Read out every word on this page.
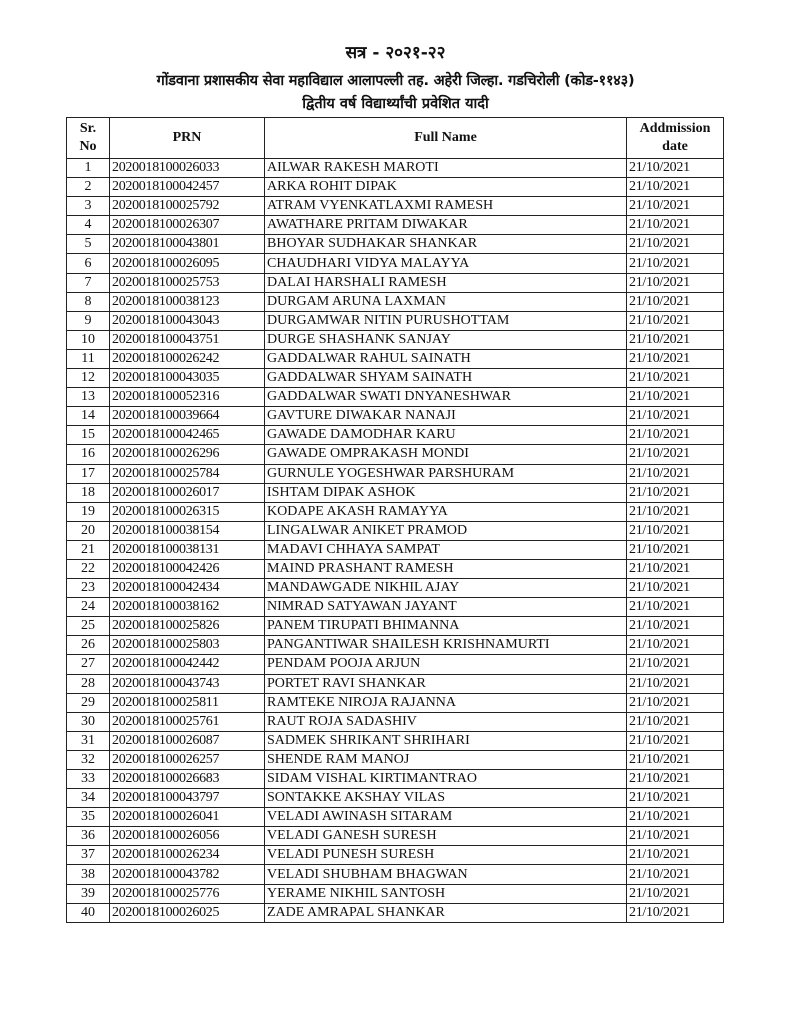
सत्र - २०२१-२२
गोंडवाना प्रशासकीय सेवा महाविद्याल आलापल्ली तह. अहेरी जिल्हा. गडचिरोली (कोड-११४३)
द्वितीय वर्ष विद्यार्थ्यांची प्रवेशित यादी
Sr.
No	PRN	Full Name	Addmission
date
1	2020018100026033	AILWAR RAKESH MAROTI	21/10/2021
2	2020018100042457	ARKA ROHIT DIPAK	21/10/2021
3	2020018100025792	ATRAM VYENKATLAXMI RAMESH	21/10/2021
4	2020018100026307	AWATHARE PRITAM DIWAKAR	21/10/2021
5	2020018100043801	BHOYAR SUDHAKAR SHANKAR	21/10/2021
6	2020018100026095	CHAUDHARI VIDYA MALAYYA	21/10/2021
7	2020018100025753	DALAI HARSHALI RAMESH	21/10/2021
8	2020018100038123	DURGAM ARUNA LAXMAN	21/10/2021
9	2020018100043043	DURGAMWAR NITIN PURUSHOTTAM	21/10/2021
10	2020018100043751	DURGE SHASHANK SANJAY	21/10/2021
11	2020018100026242	GADDALWAR RAHUL SAINATH	21/10/2021
12	2020018100043035	GADDALWAR SHYAM SAINATH	21/10/2021
13	2020018100052316	GADDALWAR SWATI DNYANESHWAR	21/10/2021
14	2020018100039664	GAVTURE DIWAKAR NANAJI	21/10/2021
15	2020018100042465	GAWADE DAMODHAR KARU	21/10/2021
16	2020018100026296	GAWADE OMPRAKASH MONDI	21/10/2021
17	2020018100025784	GURNULE YOGESHWAR PARSHURAM	21/10/2021
18	2020018100026017	ISHTAM DIPAK ASHOK	21/10/2021
19	2020018100026315	KODAPE AKASH RAMAYYA	21/10/2021
20	2020018100038154	LINGALWAR ANIKET PRAMOD	21/10/2021
21	2020018100038131	MADAVI CHHAYA SAMPAT	21/10/2021
22	2020018100042426	MAIND PRASHANT RAMESH	21/10/2021
23	2020018100042434	MANDAWGADE NIKHIL AJAY	21/10/2021
24	2020018100038162	NIMRAD SATYAWAN JAYANT	21/10/2021
25	2020018100025826	PANEM TIRUPATI BHIMANNA	21/10/2021
26	2020018100025803	PANGANTIWAR SHAILESH KRISHNAMURTI	21/10/2021
27	2020018100042442	PENDAM POOJA ARJUN	21/10/2021
28	2020018100043743	PORTET RAVI SHANKAR	21/10/2021
29	2020018100025811	RAMTEKE NIROJA RAJANNA	21/10/2021
30	2020018100025761	RAUT ROJA SADASHIV	21/10/2021
31	2020018100026087	SADMEK SHRIKANT SHRIHARI	21/10/2021
32	2020018100026257	SHENDE RAM MANOJ	21/10/2021
33	2020018100026683	SIDAM VISHAL KIRTIMANTRAO	21/10/2021
34	2020018100043797	SONTAKKE AKSHAY VILAS	21/10/2021
35	2020018100026041	VELADI AWINASH SITARAM	21/10/2021
36	2020018100026056	VELADI GANESH SURESH	21/10/2021
37	2020018100026234	VELADI PUNESH SURESH	21/10/2021
38	2020018100043782	VELADI SHUBHAM BHAGWAN	21/10/2021
39	2020018100025776	YERAME NIKHIL SANTOSH	21/10/2021
40	2020018100026025	ZADE AMRAPAL SHANKAR	21/10/2021
